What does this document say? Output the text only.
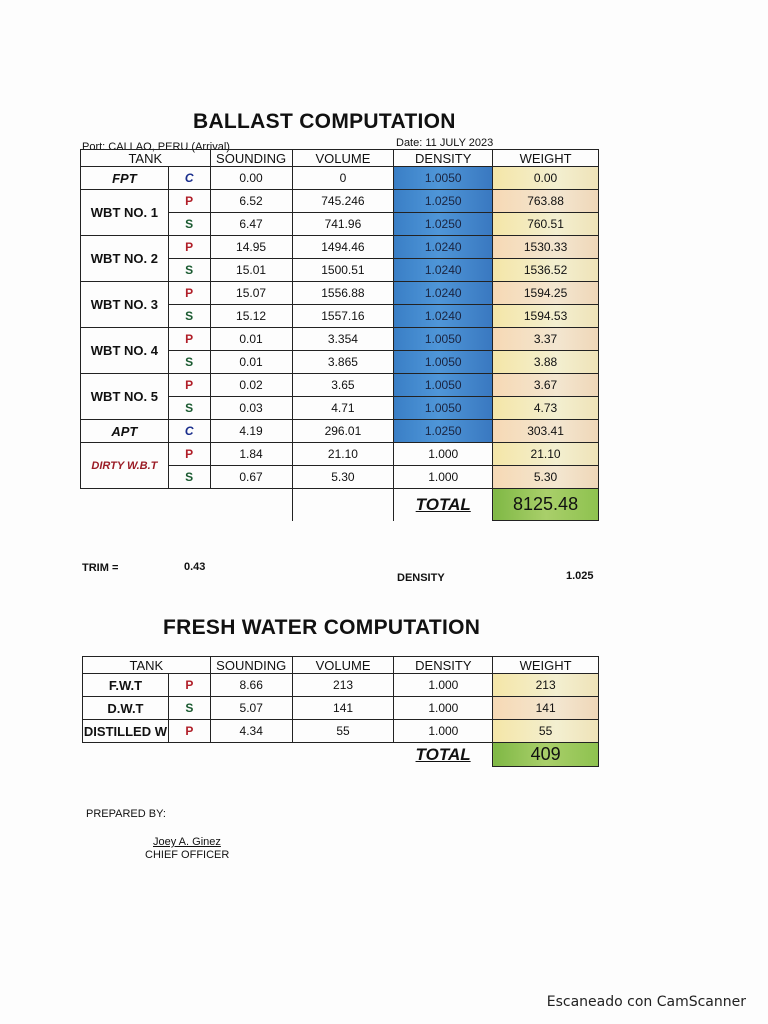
BALLAST COMPUTATION
Port: CALLAO, PERU (Arrival)	Date: 11 JULY 2023
TANK		SOUNDING	VOLUME	DENSITY	WEIGHT
FPT	C	0.00	0	1.0050	0.00
WBT NO. 1	P	6.52	745.246	1.0250	763.88
	S	6.47	741.96	1.0250	760.51
WBT NO. 2	P	14.95	1494.46	1.0240	1530.33
	S	15.01	1500.51	1.0240	1536.52
WBT NO. 3	P	15.07	1556.88	1.0240	1594.25
	S	15.12	1557.16	1.0240	1594.53
WBT NO. 4	P	0.01	3.354	1.0050	3.37
	S	0.01	3.865	1.0050	3.88
WBT NO. 5	P	0.02	3.65	1.0050	3.67
	S	0.03	4.71	1.0050	4.73
APT	C	4.19	296.01	1.0250	303.41
DIRTY W.B.T	P	1.84	21.10	1.000	21.10
	S	0.67	5.30	1.000	5.30
				TOTAL	8125.48
TRIM =	0.43
DENSITY	1.025
FRESH WATER COMPUTATION
TANK		SOUNDING	VOLUME	DENSITY	WEIGHT
F.W.T	P	8.66	213	1.000	213
D.W.T	S	5.07	141	1.000	141
DISTILLED W	P	4.34	55	1.000	55
				TOTAL	409
PREPARED BY:
Joey A. Ginez
CHIEF OFFICER
Escaneado con CamScanner
